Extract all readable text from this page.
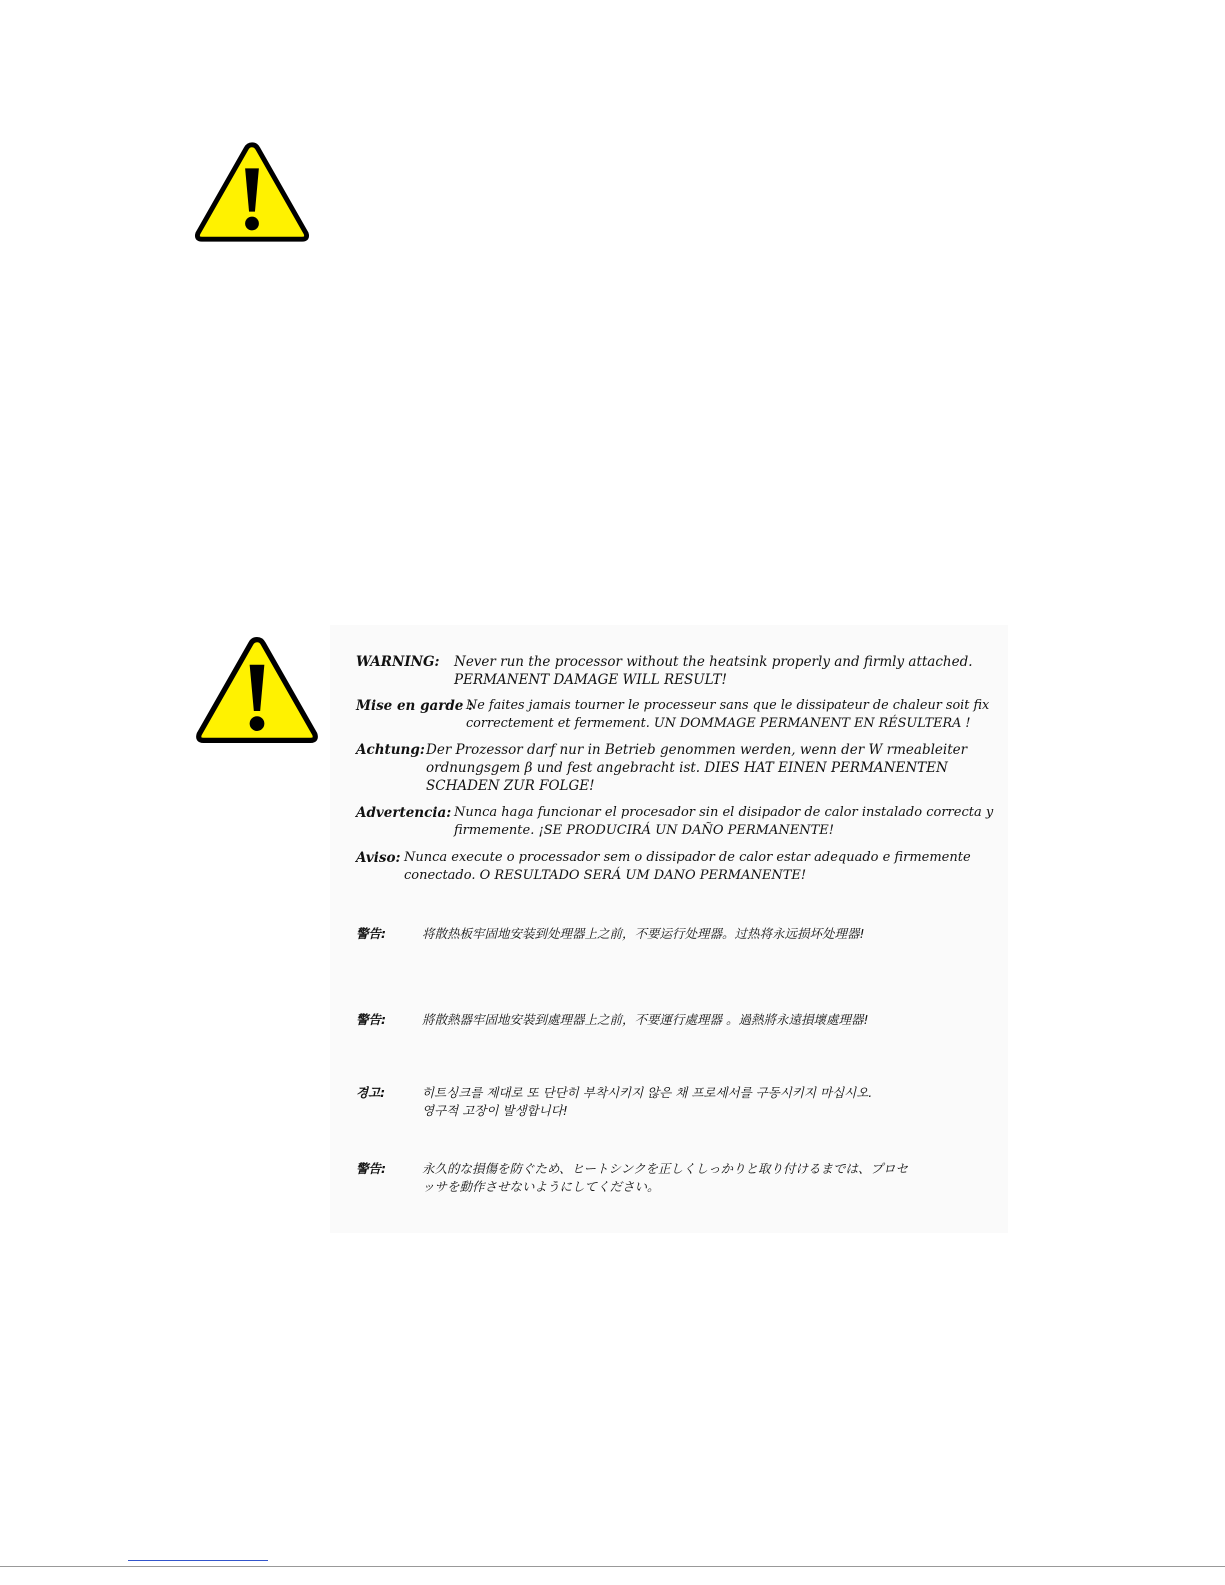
WARNING: Never run the processor without the heatsink properly and firmly attached.
PERMANENT DAMAGE WILL RESULT!
Mise en garde :
Ne faites jamais tourner le processeur sans que le dissipateur de chaleur soit fix
correctement et fermement. UN DOMMAGE PERMANENT EN RÉSULTERA !
Achtung: Der Prozessor darf nur in Betrieb genommen werden, wenn der W rmeableiter
ordnungsgem β und fest angebracht ist. DIES HAT EINEN PERMANENTEN
SCHADEN ZUR FOLGE!
Advertencia: Nunca haga funcionar el procesador sin el disipador de calor instalado correcta y
firmemente. ¡SE PRODUCIRÁ UN DAÑO PERMANENTE!
Aviso: Nunca execute o processador sem o dissipador de calor estar adequado e firmemente
conectado. O RESULTADO SERÁ UM DANO PERMANENTE!
警告:	将散热板牢固地安装到处理器上之前，不要运行处理器。过热将永远损坏处理器!
警告:	將散熱器牢固地安裝到處理器上之前，不要運行處理器 。過熱將永遠損壞處理器!
경고:	히트싱크를 제대로 또 단단히 부착시키지 않은 채 프로세서를 구동시키지 마십시오.
영구적 고장이 발생합니다!
警告:	永久的な損傷を防ぐため、ヒートシンクを正しくしっかりと取り付けるまでは、プロセ
ッサを動作させないようにしてください。
